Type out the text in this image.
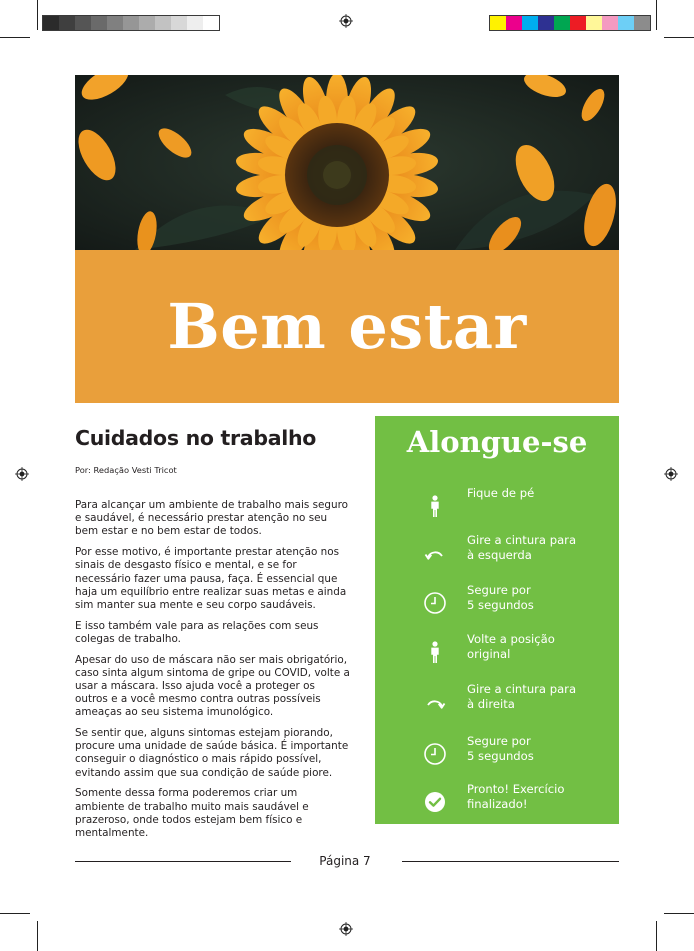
Bem estar
Cuidados no trabalho
Por: Redação Vesti Tricot

Para alcançar um ambiente de trabalho mais seguro e saudável, é necessário prestar atenção no seu bem estar e no bem estar de todos.

Por esse motivo, é importante prestar atenção nos sinais de desgasto físico e mental, e se for necessário fazer uma pausa, faça. É essencial que haja um equilíbrio entre realizar suas metas e ainda sim manter sua mente e seu corpo saudáveis.

E isso também vale para as relações com seus colegas de trabalho.

Apesar do uso de máscara não ser mais obrigatório, caso sinta algum sintoma de gripe ou COVID, volte a usar a máscara. Isso ajuda você a proteger os outros e a você mesmo contra outras possíveis ameaças ao seu sistema imunológico.

Se sentir que, alguns sintomas estejam piorando, procure uma unidade de saúde básica. É importante conseguir o diagnóstico o mais rápido possível, evitando assim que sua condição de saúde piore.

Somente dessa forma poderemos criar um ambiente de trabalho muito mais saudável e prazeroso, onde todos estejam bem físico e mentalmente.

Alongue-se
Fique de pé
Gire a cintura para
à esquerda
Segure por
5 segundos
Volte a posição
original
Gire a cintura para
à direita
Segure por
5 segundos
Pronto! Exercício
finalizado!
Página 7
